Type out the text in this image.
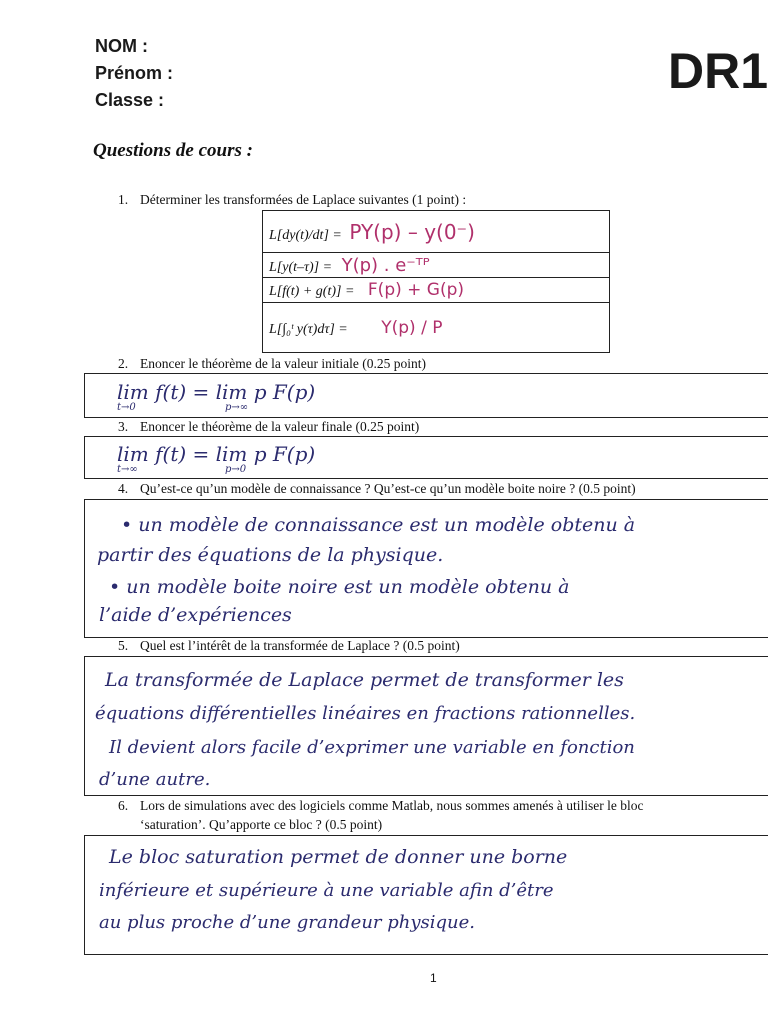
NOM :
Prénom :
Classe :
DR1
Questions de cours :
1. Déterminer les transformées de Laplace suivantes (1 point) :
L[dy(t)/dt] = PY(p) – y(0⁻)
L[y(t–τ)] = Y(p) . e⁻ᵀᴾ
L[f(t) + g(t)] = F(p) + G(p)
L[∫₀ᵗ y(τ)dτ] = Y(p) / P
2. Enoncer le théorème de la valeur initiale (0.25 point)
lim f(t) = lim p F(p)
t→0	p→∞
3. Enoncer le théorème de la valeur finale (0.25 point)
lim f(t) = lim p F(p)
t→∞	p→0
4. Qu’est-ce qu’un modèle de connaissance ? Qu’est-ce qu’un modèle boite noire ? (0.5 point)
• un modèle de connaissance est un modèle obtenu à
partir des équations de la physique.
• un modèle boite noire est un modèle obtenu à
l’aide d’expériences
5. Quel est l’intérêt de la transformée de Laplace ? (0.5 point)
La transformée de Laplace permet de transformer les
équations différentielles linéaires en fractions rationnelles.
Il devient alors facile d’exprimer une variable en fonction
d’une autre.
6. Lors de simulations avec des logiciels comme Matlab, nous sommes amenés à utiliser le bloc
‘saturation’. Qu’apporte ce bloc ? (0.5 point)
Le bloc saturation permet de donner une borne
inférieure et supérieure à une variable afin d’être
au plus proche d’une grandeur physique.
1
